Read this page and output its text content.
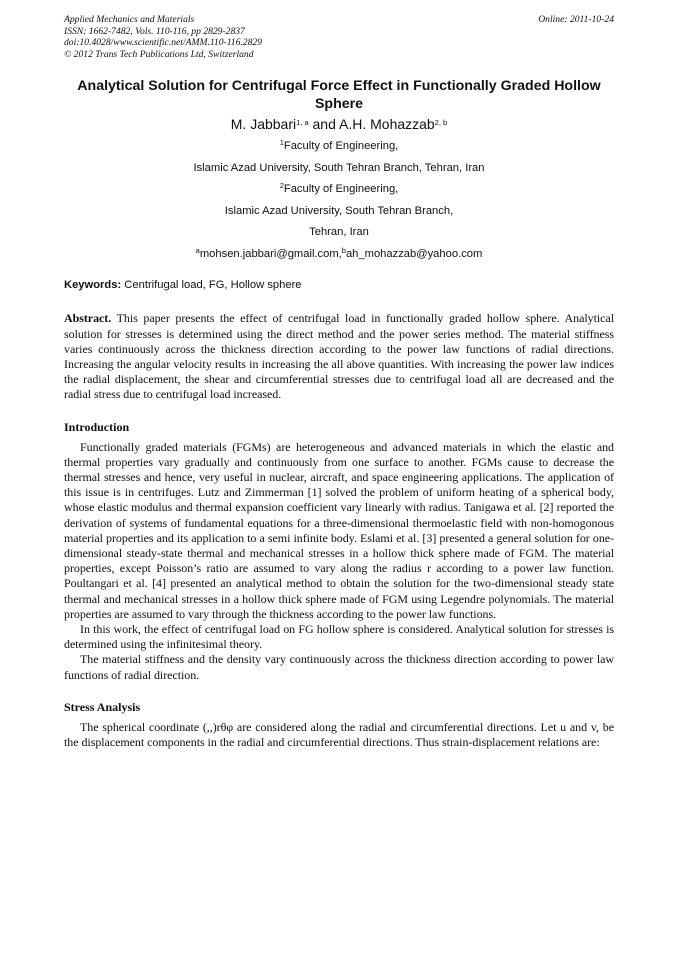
Applied Mechanics and Materials
ISSN: 1662-7482, Vols. 110-116, pp 2829-2837
doi:10.4028/www.scientific.net/AMM.110-116.2829
© 2012 Trans Tech Publications Ltd, Switzerland
Online: 2011-10-24
Analytical Solution for Centrifugal Force Effect in Functionally Graded Hollow Sphere
M. Jabbari$^{1, a}$ and A.H. Mohazzab$^{2, b}$
$^1$Faculty of Engineering,
Islamic Azad University, South Tehran Branch, Tehran, Iran
$^2$Faculty of Engineering,
Islamic Azad University, South Tehran Branch,
Tehran, Iran
$^a$mohsen.jabbari@gmail.com,$^b$ah_mohazzab@yahoo.com
Keywords: Centrifugal load, FG, Hollow sphere

Abstract. This paper presents the effect of centrifugal load in functionally graded hollow sphere. Analytical solution for stresses is determined using the direct method and the power series method. The material stiffness varies continuously across the thickness direction according to the power law functions of radial directions. Increasing the angular velocity results in increasing the all above quantities. With increasing the power law indices the radial displacement, the shear and circumferential stresses due to centrifugal load all are decreased and the radial stress due to centrifugal load increased.

Introduction

Functionally graded materials (FGMs) are heterogeneous and advanced materials in which the elastic and thermal properties vary gradually and continuously from one surface to another. FGMs cause to decrease the thermal stresses and hence, very useful in nuclear, aircraft, and space engineering applications. The application of this issue is in centrifuges. Lutz and Zimmerman [1] solved the problem of uniform heating of a spherical body, whose elastic modulus and thermal expansion coefficient vary linearly with radius. Tanigawa et al. [2] reported the derivation of systems of fundamental equations for a three-dimensional thermoelastic field with non-homogonous material properties and its application to a semi infinite body. Eslami et al. [3] presented a general solution for one-dimensional steady-state thermal and mechanical stresses in a hollow thick sphere made of FGM. The material properties, except Poisson’s ratio are assumed to vary along the radius r according to a power law function. Poultangari et al. [4] presented an analytical method to obtain the solution for the two-dimensional steady state thermal and mechanical stresses in a hollow thick sphere made of FGM using Legendre polynomials. The material properties are assumed to vary through the thickness according to the power law functions.

In this work, the effect of centrifugal load on FG hollow sphere is considered. Analytical solution for stresses is determined using the infinitesimal theory.

The material stiffness and the density vary continuously across the thickness direction according to power law functions of radial direction.

Stress Analysis

The spherical coordinate (,,)rθφ are considered along the radial and circumferential directions. Let u and v, be the displacement components in the radial and circumferential directions. Thus strain-displacement relations are:
